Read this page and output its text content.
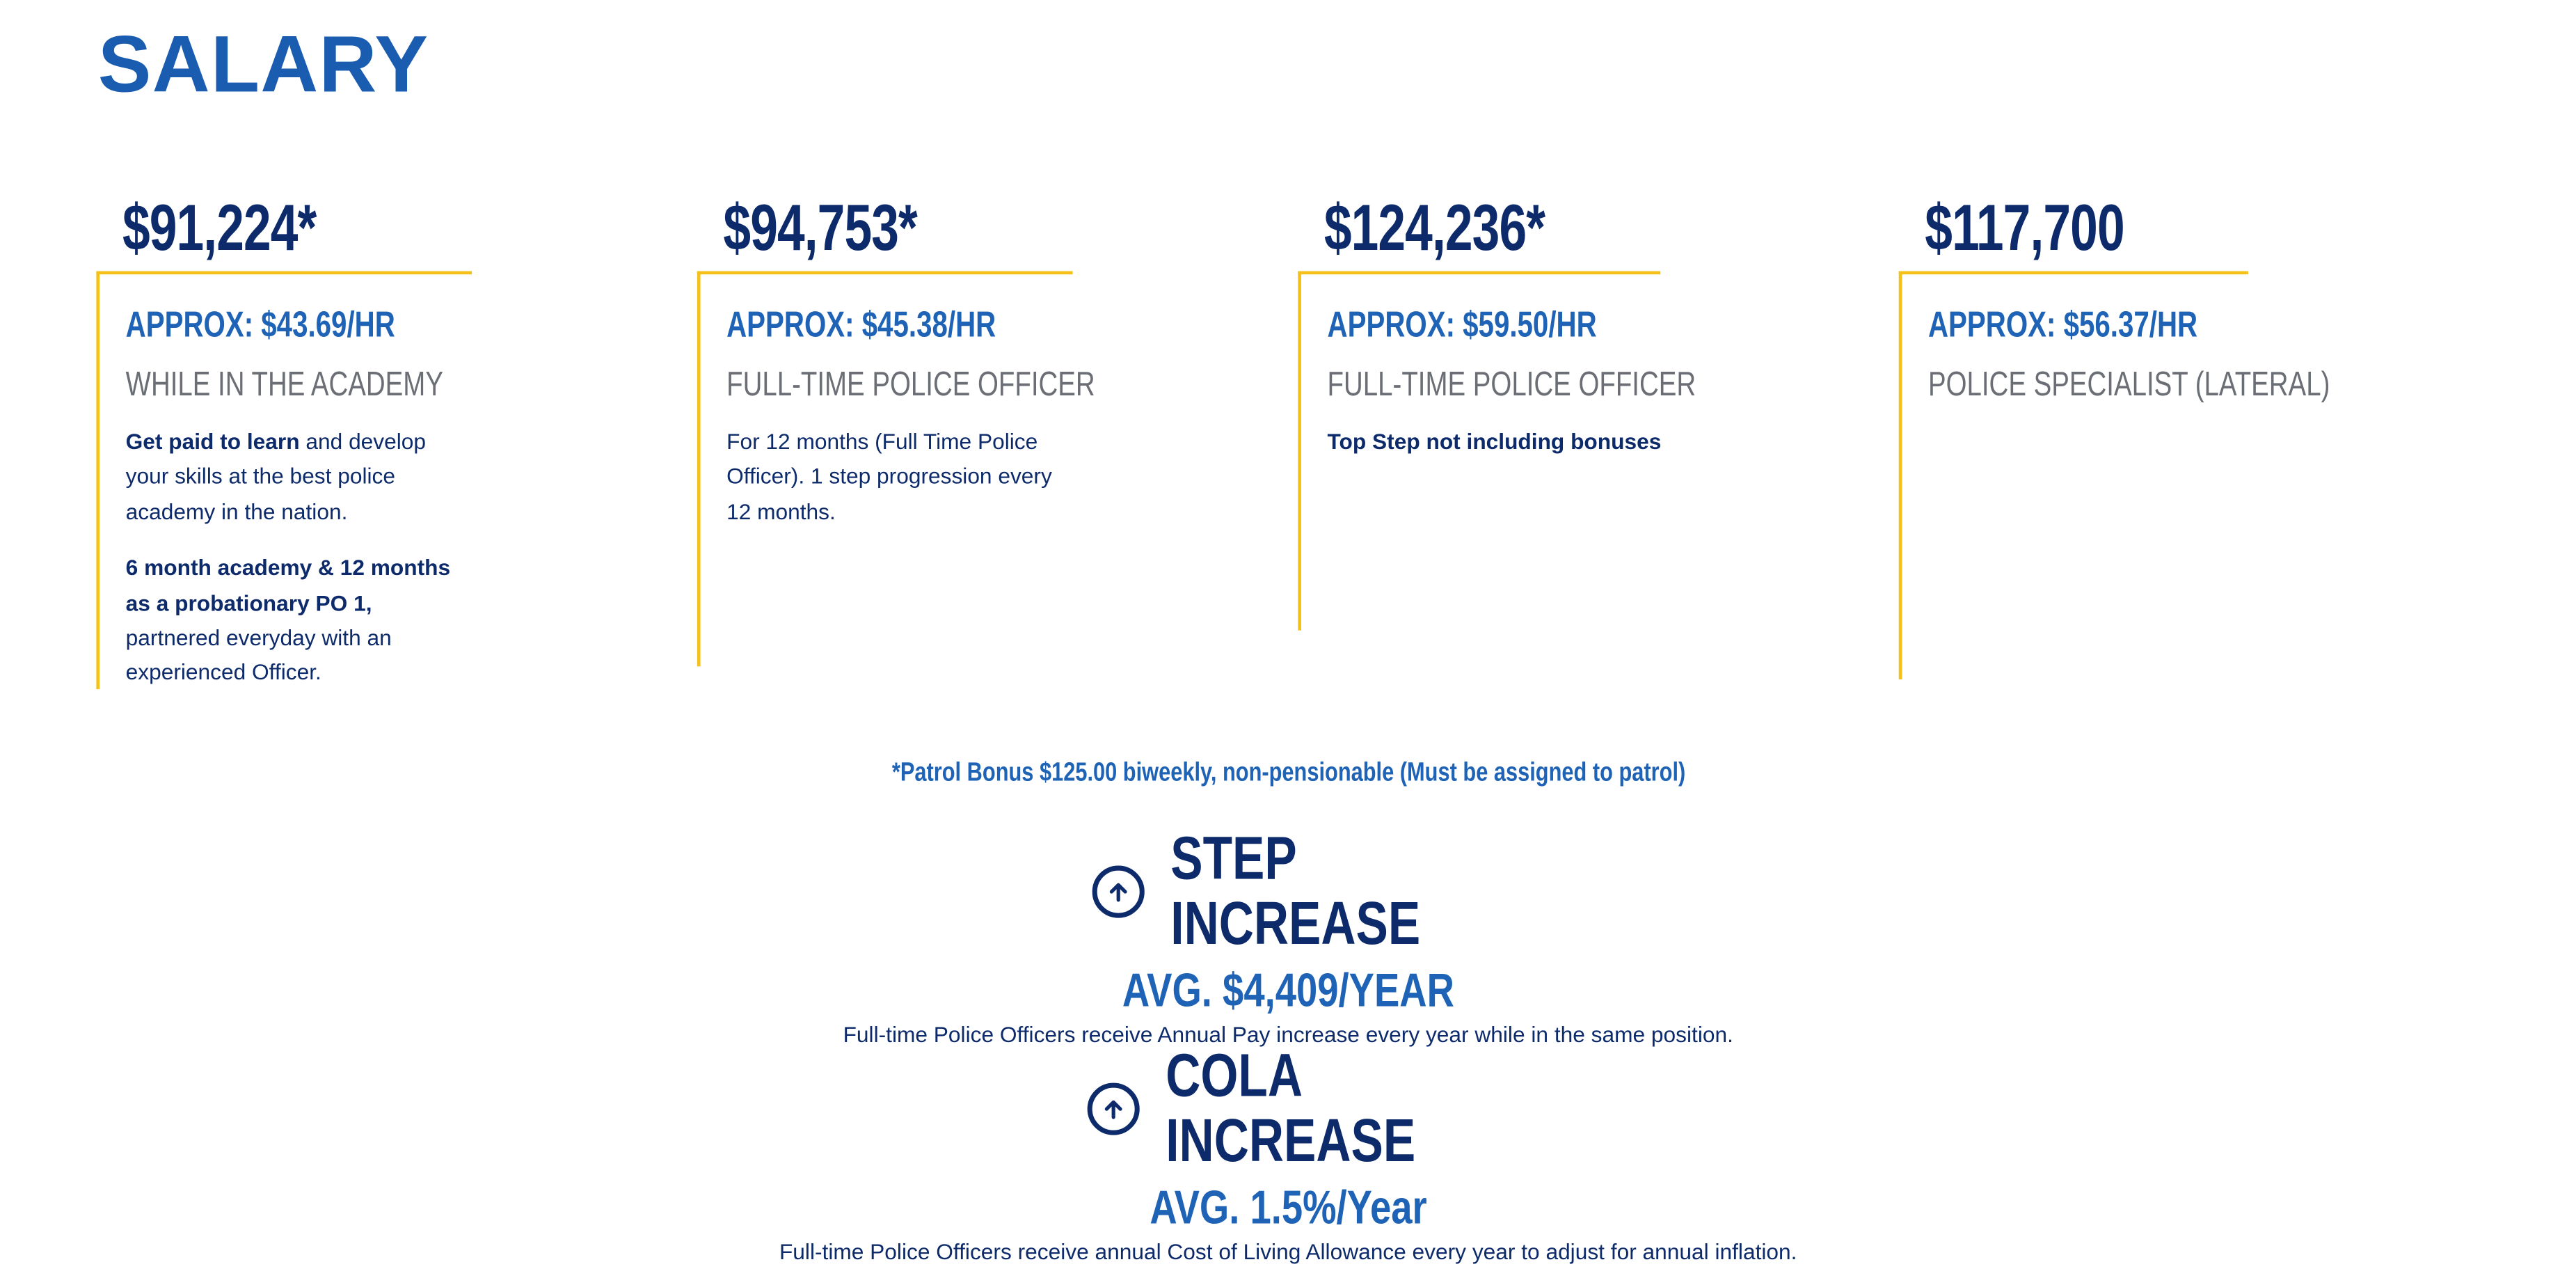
SALARY
$91,224*
APPROX: $43.69/HR
WHILE IN THE ACADEMY

Get paid to learn and develop your skills at the best police academy in the nation.

6 month academy & 12 months as a probationary PO 1, partnered everyday with an experienced Officer.

$94,753*
APPROX: $45.38/HR
FULL-TIME POLICE OFFICER

For 12 months (Full Time Police Officer). 1 step progression every 12 months.

$124,236*
APPROX: $59.50/HR
FULL-TIME POLICE OFFICER

Top Step not including bonuses

$117,700
APPROX: $56.37/HR
POLICE SPECIALIST (LATERAL)
*Patrol Bonus $125.00 biweekly, non-pensionable (Must be assigned to patrol)
STEP INCREASE
AVG. $4,409/YEAR
Full-time Police Officers receive Annual Pay increase every year while in the same position.
COLA INCREASE
AVG. 1.5%/Year
Full-time Police Officers receive annual Cost of Living Allowance every year to adjust for annual inflation.
